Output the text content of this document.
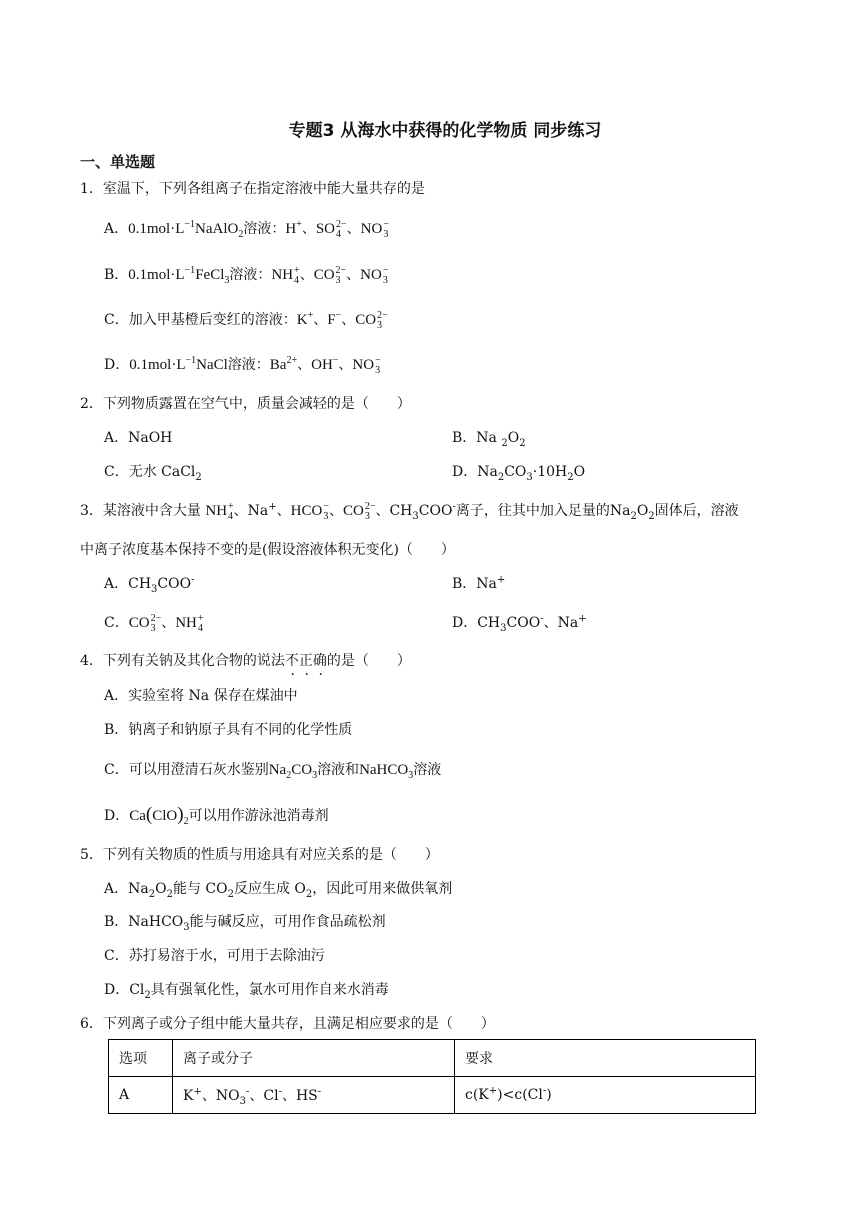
专题3 从海水中获得的化学物质 同步练习
一、单选题
1．室温下，下列各组离子在指定溶液中能大量共存的是
A．$0.1mol\cdot L^{-1}NaAlO_2$溶液：H+、SO 2−
4 、NO −
3
B．$0.1mol\cdot L^{-1}FeCl_3$溶液：NH +
4 、CO 2−
3 、NO −
3
C．加入甲基橙后变红的溶液：K+、F−、CO 2−
3
D．$0.1mol\cdot L^{-1}NaCl$溶液：$Ba^{2+}$、OH−、NO −
3
2．下列物质露置在空气中，质量会减轻的是（　　）
A．NaOH	B．Na $_2O_2$
C．无水 CaCl$_2$	D．$Na_2CO_3\cdot 10H_2O$
3．某溶液中含大量 NH +
4 、Na+、HCO −
3 、CO 2−
3 、$CH_3COO^-$离子，往其中加入足量的$Na_2O_2$固体后，溶液
中离子浓度基本保持不变的是(假设溶液体积无变化)（　　）
A．$CH_3COO^-$	B．Na+
C．CO 2−
3 、NH +
4	D．$CH_3COO^-$、Na+
4．下列有关钠及其化合物的说法不正确的是（　　）
A．实验室将 Na 保存在煤油中
B．钠离子和钠原子具有不同的化学性质
C．可以用澄清石灰水鉴别$Na_2CO_3$溶液和NaHCO$_3$溶液
D．$Ca(ClO)_2$可以用作游泳池消毒剂
5．下列有关物质的性质与用途具有对应关系的是（　　）
A．$Na_2O_2$能与 $CO_2$反应生成 $O_2$，因此可用来做供氧剂
B．NaHCO$_3$能与碱反应，可用作食品疏松剂
C．苏打易溶于水，可用于去除油污
D．$Cl_2$具有强氧化性，氯水可用作自来水消毒
6．下列离子或分子组中能大量共存，且满足相应要求的是（　　）
选项	离子或分子	要求
A	K+、$NO_3^-$、Cl-、HS-	c(K+)<c(Cl-)
